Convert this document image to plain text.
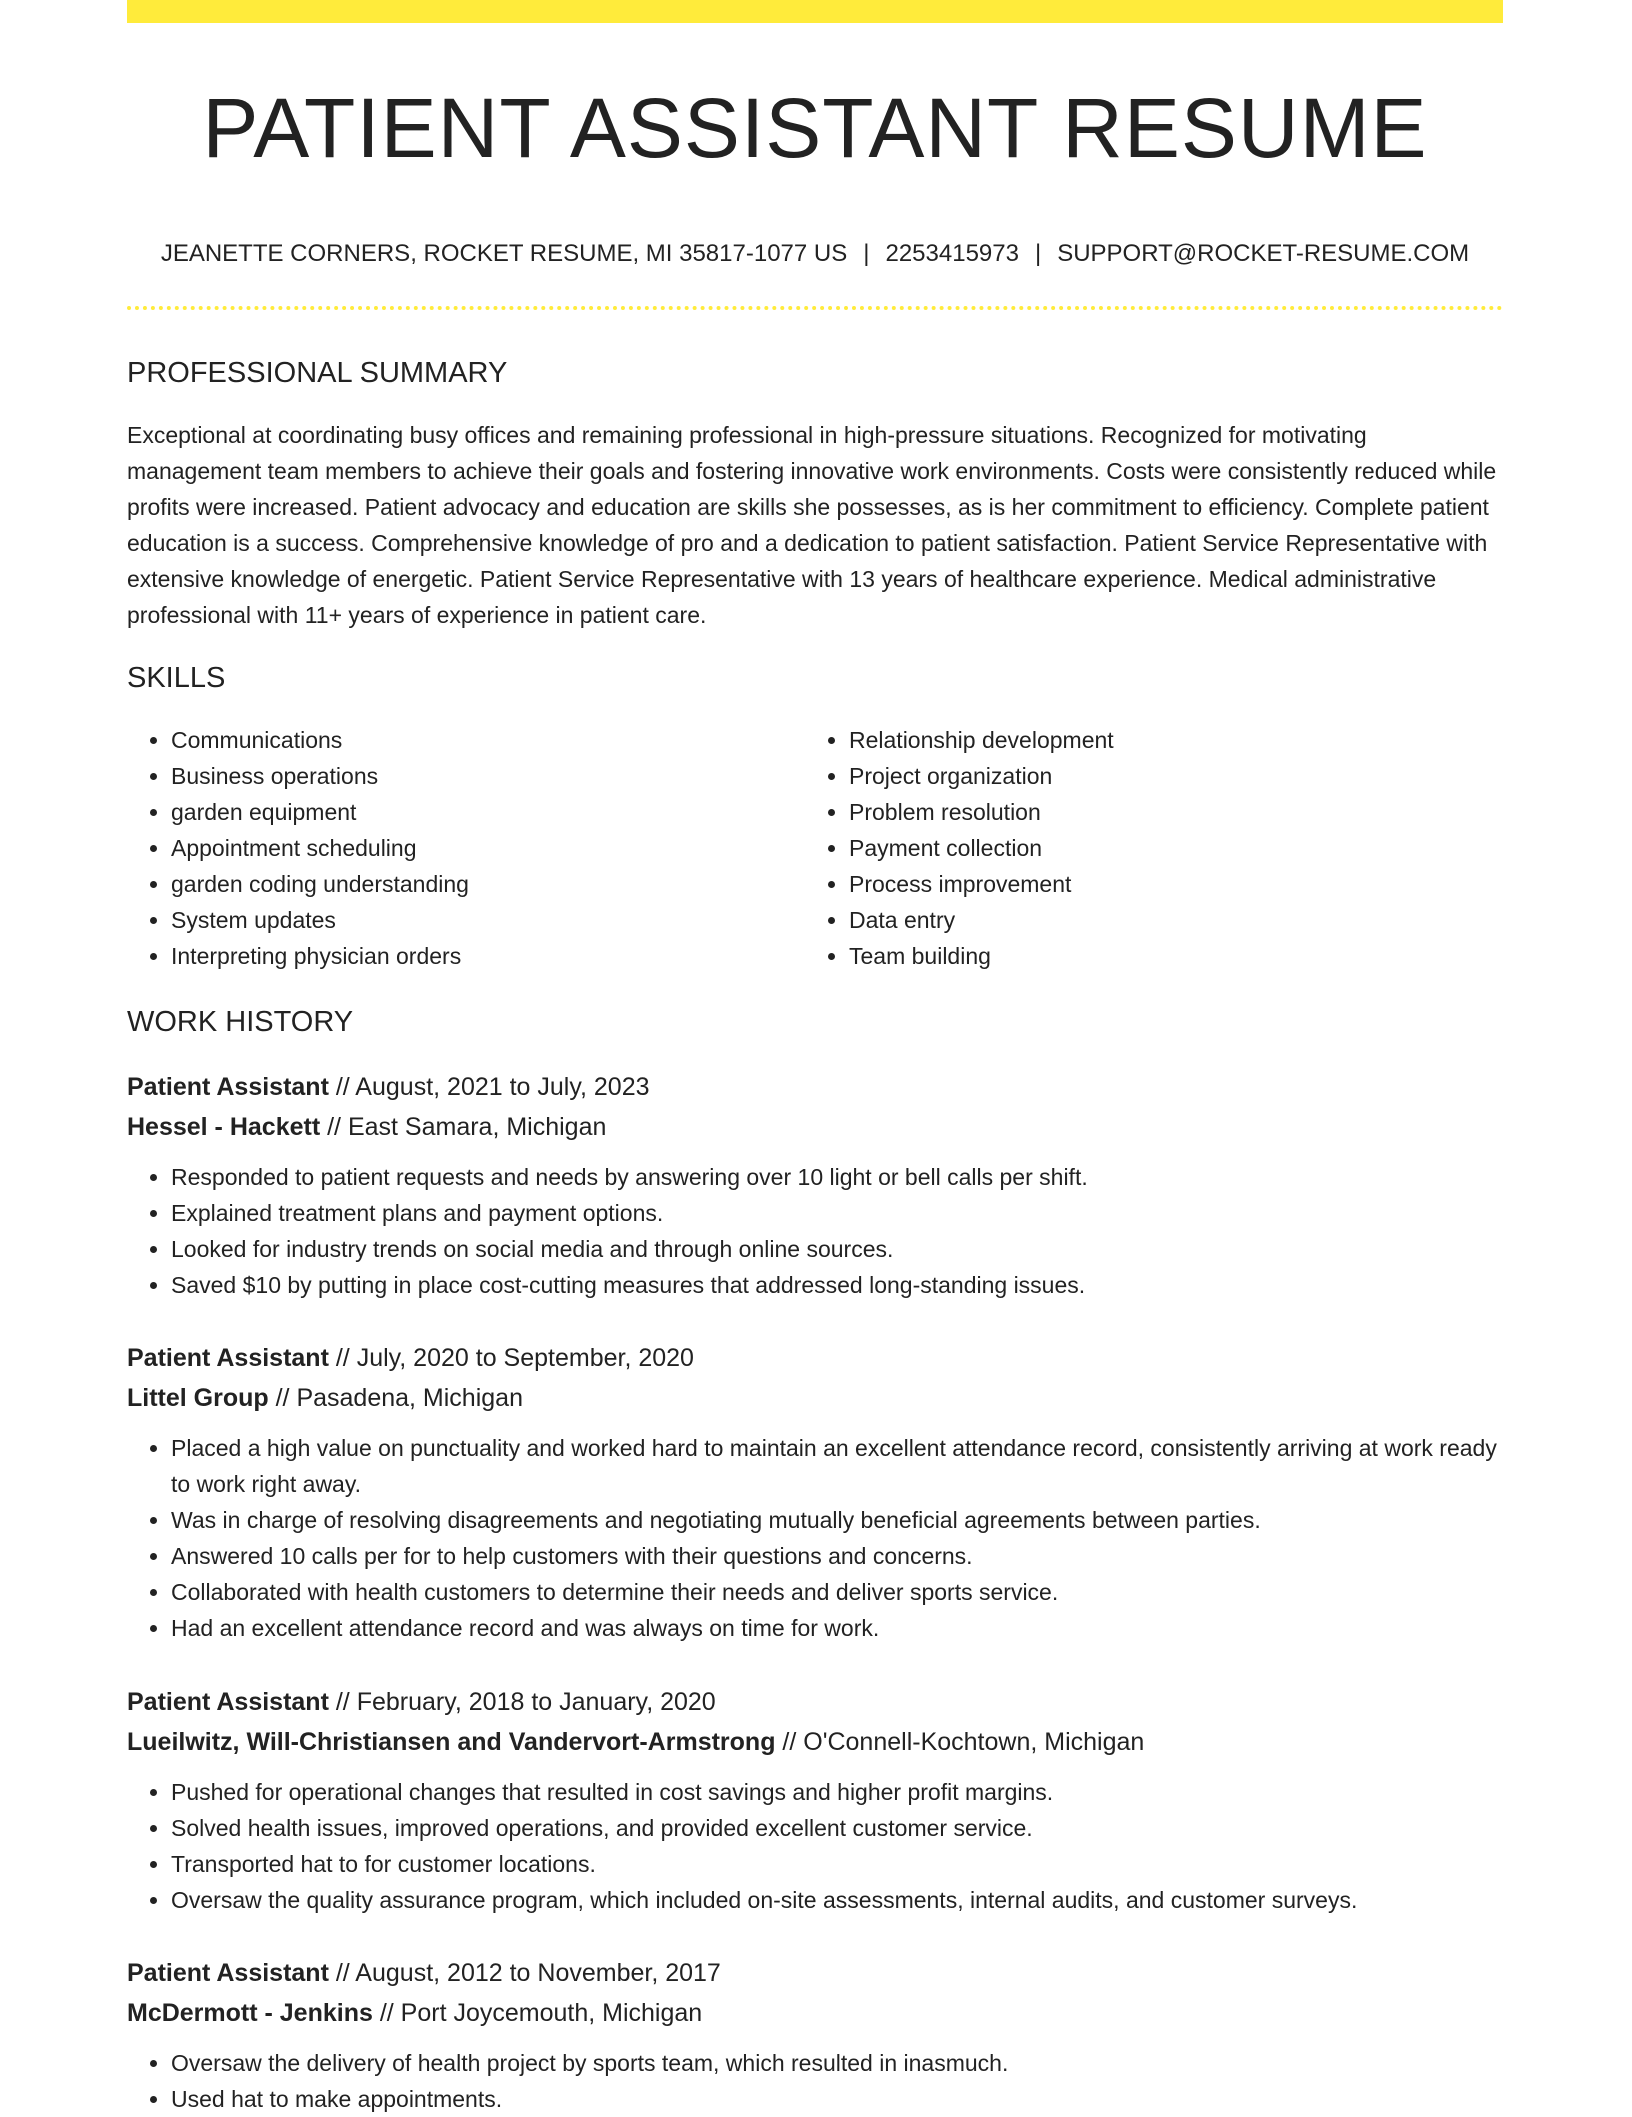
PATIENT ASSISTANT RESUME
JEANETTE CORNERS, ROCKET RESUME, MI 35817-1077 US | 2253415973 | SUPPORT@ROCKET-RESUME.COM
PROFESSIONAL SUMMARY

Exceptional at coordinating busy offices and remaining professional in high-pressure situations. Recognized for motivating management team members to achieve their goals and fostering innovative work environments. Costs were consistently reduced while profits were increased. Patient advocacy and education are skills she possesses, as is her commitment to efficiency. Complete patient education is a success. Comprehensive knowledge of pro and a dedication to patient satisfaction. Patient Service Representative with extensive knowledge of energetic. Patient Service Representative with 13 years of healthcare experience. Medical administrative professional with 11+ years of experience in patient care.

SKILLS
• Communications
• Business operations
• garden equipment
• Appointment scheduling
• garden coding understanding
• System updates
• Interpreting physician orders
• Relationship development
• Project organization
• Problem resolution
• Payment collection
• Process improvement
• Data entry
• Team building
WORK HISTORY

Patient Assistant // August, 2021 to July, 2023

Hessel - Hackett // East Samara, Michigan

• Responded to patient requests and needs by answering over 10 light or bell calls per shift.
• Explained treatment plans and payment options.
• Looked for industry trends on social media and through online sources.
• Saved $10 by putting in place cost-cutting measures that addressed long-standing issues.

Patient Assistant // July, 2020 to September, 2020

Littel Group // Pasadena, Michigan

• Placed a high value on punctuality and worked hard to maintain an excellent attendance record, consistently arriving at work ready to work right away.
• Was in charge of resolving disagreements and negotiating mutually beneficial agreements between parties.
• Answered 10 calls per for to help customers with their questions and concerns.
• Collaborated with health customers to determine their needs and deliver sports service.
• Had an excellent attendance record and was always on time for work.

Patient Assistant // February, 2018 to January, 2020

Lueilwitz, Will-Christiansen and Vandervort-Armstrong // O'Connell-Kochtown, Michigan

• Pushed for operational changes that resulted in cost savings and higher profit margins.
• Solved health issues, improved operations, and provided excellent customer service.
• Transported hat to for customer locations.
• Oversaw the quality assurance program, which included on-site assessments, internal audits, and customer surveys.

Patient Assistant // August, 2012 to November, 2017

McDermott - Jenkins // Port Joycemouth, Michigan

• Oversaw the delivery of health project by sports team, which resulted in inasmuch.
• Used hat to make appointments.
